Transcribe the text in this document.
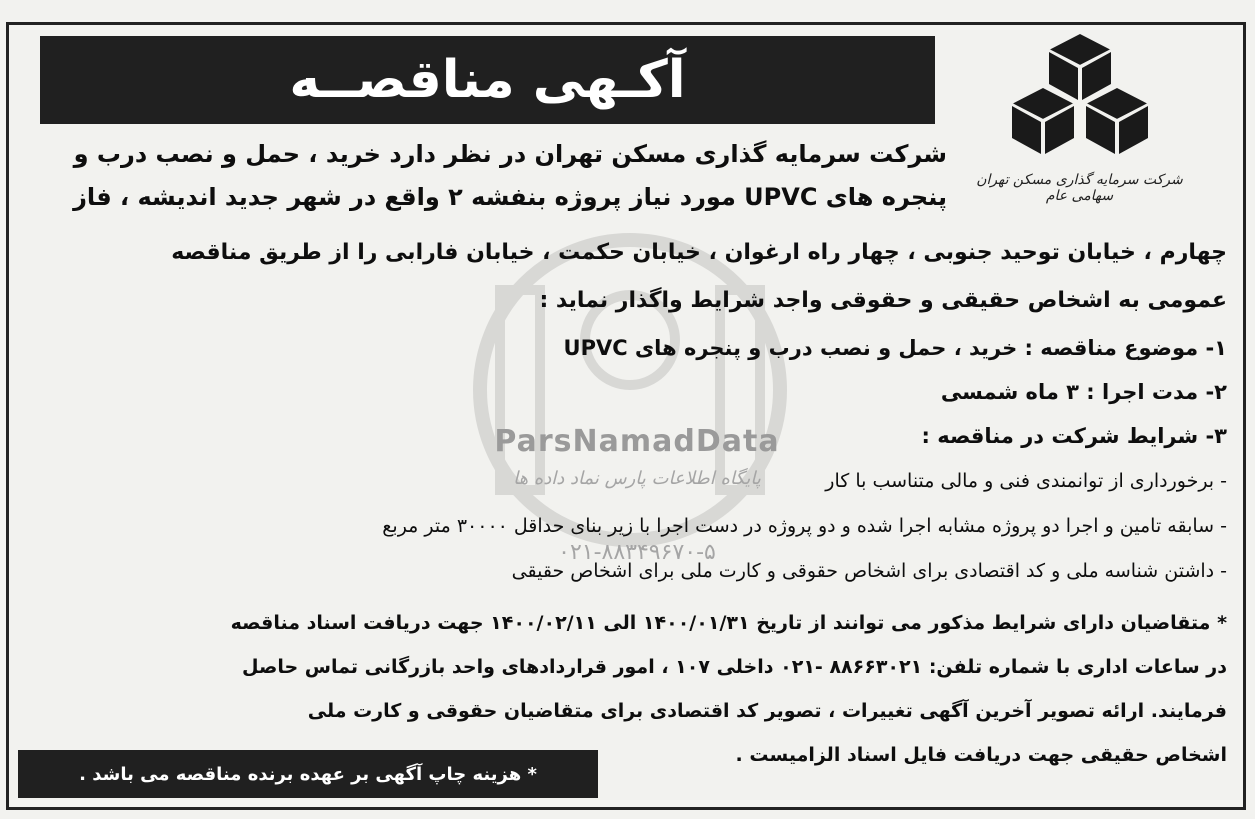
ParsNamadData
پایگاه اطلاعات پارس نماد داده ها
۰۲۱-۸۸۳۴۹۶۷۰-۵
آکـهی مناقصــه
شرکت سرمایه گذاری مسکن تهران سهامی عام
شرکت سرمایه گذاری مسکن تهران در نظر دارد خرید ، حمل و نصب درب و
پنجره های UPVC مورد نیاز پروژه بنفشه ۲ واقع در شهر جدید اندیشه ، فاز
چهارم ، خیابان توحید جنوبی ، چهار راه ارغوان ، خیابان حکمت ، خیابان فارابی را از طریق مناقصه
عمومی به اشخاص حقیقی و حقوقی واجد شرایط واگذار نماید :
۱- موضوع مناقصه : خرید ، حمل و نصب درب و پنجره های UPVC
۲- مدت اجرا : ۳ ماه شمسی
۳- شرایط شرکت در مناقصه :
- برخورداری از توانمندی فنی و مالی متناسب با کار
- سابقه تامین و اجرا دو پروژه مشابه اجرا شده و دو پروژه در دست اجرا با زیر بنای حداقل ۳۰۰۰۰ متر مربع
- داشتن شناسه ملی و کد اقتصادی برای اشخاص حقوقی و کارت ملی برای اشخاص حقیقی
* متقاضیان دارای شرایط مذکور می توانند از تاریخ ۱۴۰۰/۰۱/۳۱ الی ۱۴۰۰/۰۲/۱۱ جهت دریافت اسناد مناقصه
در ساعات اداری با شماره تلفن: ۸۸۶۶۳۰۲۱ -۰۲۱ داخلی ۱۰۷ ، امور قراردادهای واحد بازرگانی تماس حاصل
فرمایند. ارائه تصویر آخرین آگهی تغییرات ، تصویر کد اقتصادی برای متقاضیان حقوقی و کارت ملی
اشخاص حقیقی جهت دریافت فایل اسناد الزامیست .
* هزینه چاپ آگهی بر عهده برنده مناقصه می باشد .
